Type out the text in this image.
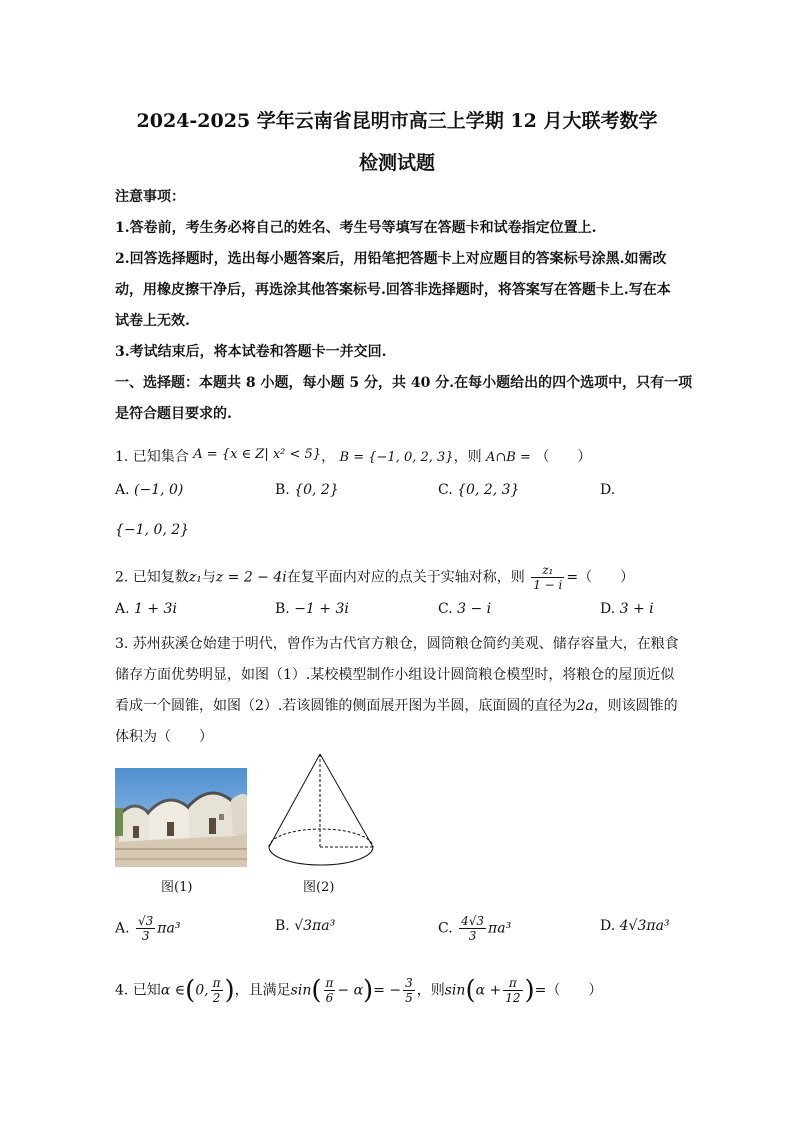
2024-2025 学年云南省昆明市高三上学期 12 月大联考数学
检测试题
注意事项：
1.答卷前，考生务必将自己的姓名、考生号等填写在答题卡和试卷指定位置上.
2.回答选择题时，选出每小题答案后，用铅笔把答题卡上对应题目的答案标号涂黑.如需改
动，用橡皮擦干净后，再选涂其他答案标号.回答非选择题时，将答案写在答题卡上.写在本
试卷上无效.
3.考试结束后，将本试卷和答题卡一并交回.
一、选择题：本题共 8 小题，每小题 5 分，共 40 分.在每小题给出的四个选项中，只有一项
是符合题目要求的.
1. 已知集合 A = {x ∈ Z| x² < 5}， B = {−1, 0, 2, 3}，则 A∩B = （　　）
A. (−1, 0)	B. {0, 2}	C. {0, 2, 3}	D.
{−1, 0, 2}
2. 已知复数z₁与z = 2 − 4i在复平面内对应的点关于实轴对称，则 $\frac{\text{z₁}}{1 - i}$ =（　　）
A. 1 + 3i	B. −1 + 3i	C. 3 − i	D. 3 + i
3. 苏州荻溪仓始建于明代，曾作为古代官方粮仓，圆筒粮仓简约美观、储存容量大，在粮食
储存方面优势明显，如图（1）.某校模型制作小组设计圆筒粮仓模型时，将粮仓的屋顶近似
看成一个圆锥，如图（2）.若该圆锥的侧面展开图为半圆，底面圆的直径为2a，则该圆锥的
体积为（　　）
图(1)	图(2)
A. $\frac{√3}{3} \pi a^3$	B. √3πa³	C. $\frac{4√3}{3} \pi a^3$	D. 4√3πa³
4. 已知α ∈(0, $\frac{\pi}{2}$ )，且满足$\sin( \frac{\pi}{6} - \alpha)= - \frac{3}{5}$ ，则$\sin(\alpha + \frac{\pi}{12}$ )=（　　）
